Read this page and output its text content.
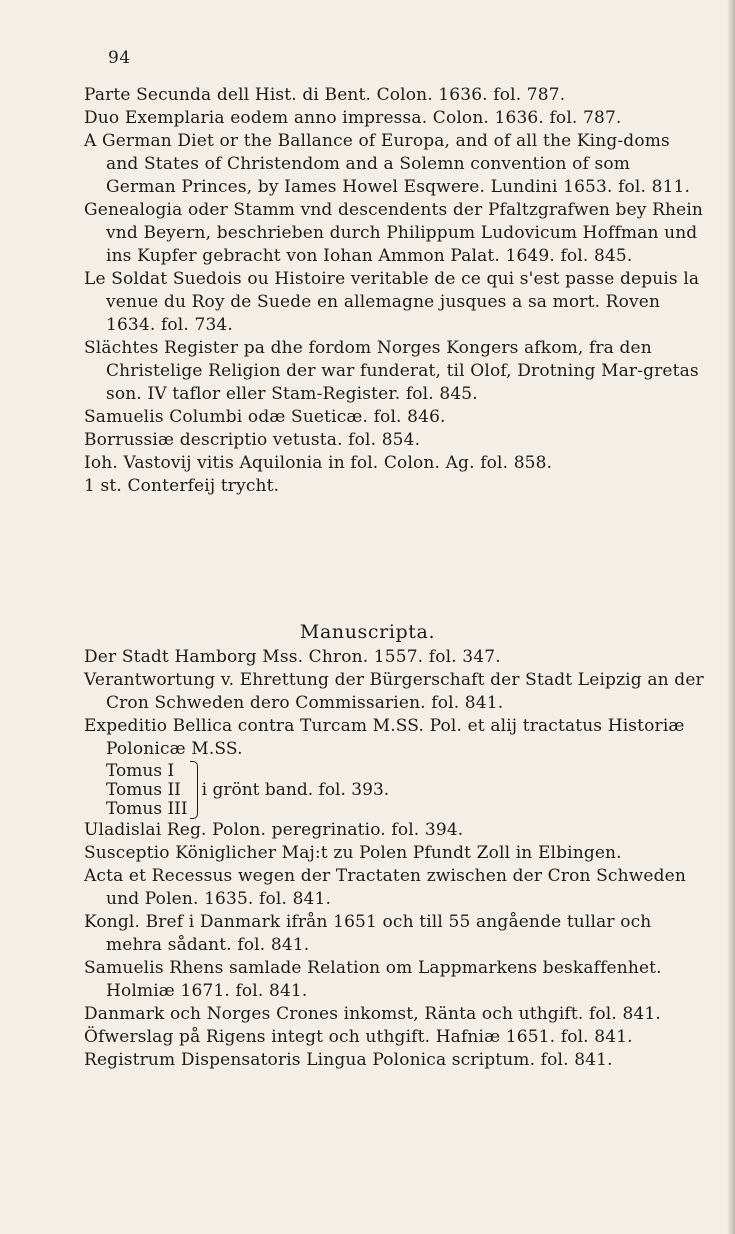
94

Parte Secunda dell Hist. di Bent. Colon. 1636. fol. 787.

Duo Exemplaria eodem anno impressa. Colon. 1636. fol. 787.

A German Diet or the Ballance of Europa, and of all the King-doms and States of Christendom and a Solemn convention of som German Princes, by Iames Howel Esqwere. Lundini 1653. fol. 811.

Genealogia oder Stamm vnd descendents der Pfaltzgrafwen bey Rhein vnd Beyern, beschrieben durch Philippum Ludovicum Hoffman und ins Kupfer gebracht von Iohan Ammon Palat. 1649. fol. 845.

Le Soldat Suedois ou Histoire veritable de ce qui s'est passe depuis la venue du Roy de Suede en allemagne jusques a sa mort. Roven 1634. fol. 734.

Slächtes Register pa dhe fordom Norges Kongers afkom, fra den Christelige Religion der war funderat, til Olof, Drotning Mar-gretas son. IV taflor eller Stam-Register. fol. 845.

Samuelis Columbi odæ Sueticæ. fol. 846.

Borrussiæ descriptio vetusta. fol. 854.

Ioh. Vastovij vitis Aquilonia in fol. Colon. Ag. fol. 858.

1 st. Conterfeij trycht.

Manuscripta.

Der Stadt Hamborg Mss. Chron. 1557. fol. 347.

Verantwortung v. Ehrettung der Bürgerschaft der Stadt Leipzig an der Cron Schweden dero Commissarien. fol. 841.

Expeditio Bellica contra Turcam M.SS. Pol. et alij tractatus Historiæ Polonicæ M.SS.

Tomus I
Tomus II
Tomus III
i grönt band. fol. 393.

Uladislai Reg. Polon. peregrinatio. fol. 394.

Susceptio Königlicher Maj:t zu Polen Pfundt Zoll in Elbingen.

Acta et Recessus wegen der Tractaten zwischen der Cron Schweden und Polen. 1635. fol. 841.

Kongl. Bref i Danmark ifrån 1651 och till 55 angående tullar och mehra sådant. fol. 841.

Samuelis Rhens samlade Relation om Lappmarkens beskaffenhet. Holmiæ 1671. fol. 841.

Danmark och Norges Crones inkomst, Ränta och uthgift. fol. 841.

Öfwerslag på Rigens integt och uthgift. Hafniæ 1651. fol. 841.

Registrum Dispensatoris Lingua Polonica scriptum. fol. 841.
